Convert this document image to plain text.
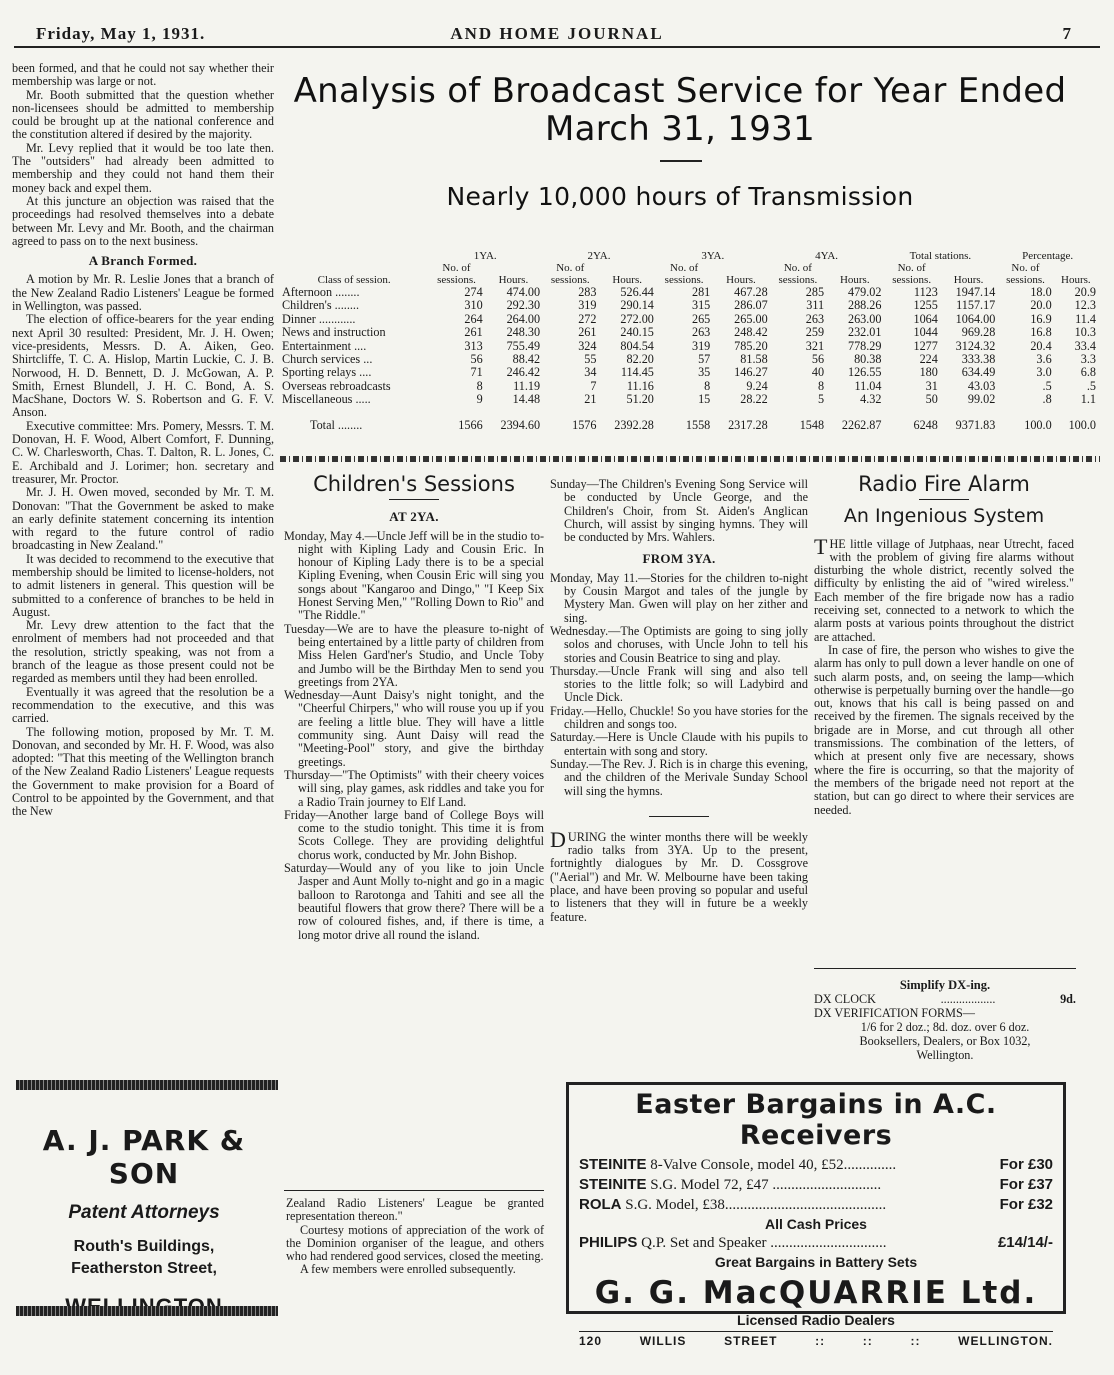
Friday, May 1, 1931.	AND HOME JOURNAL	7

been formed, and that he could not say whether their membership was large or not.

Mr. Booth submitted that the question whether non-licensees should be admitted to membership could be brought up at the national conference and the constitution altered if desired by the majority.

Mr. Levy replied that it would be too late then. The "outsiders" had already been admitted to membership and they could not hand them their money back and expel them.

At this juncture an objection was raised that the proceedings had resolved themselves into a debate between Mr. Levy and Mr. Booth, and the chairman agreed to pass on to the next business.

A Branch Formed.

A motion by Mr. R. Leslie Jones that a branch of the New Zealand Radio Listeners' League be formed in Wellington, was passed.

The election of office-bearers for the year ending next April 30 resulted: President, Mr. J. H. Owen; vice-presidents, Messrs. D. A. Aiken, Geo. Shirtcliffe, T. C. A. Hislop, Martin Luckie, C. J. B. Norwood, H. D. Bennett, D. J. McGowan, A. P. Smith, Ernest Blundell, J. H. C. Bond, A. S. MacShane, Doctors W. S. Robertson and G. F. V. Anson.

Executive committee: Mrs. Pomery, Messrs. T. M. Donovan, H. F. Wood, Albert Comfort, F. Dunning, C. W. Charlesworth, Chas. T. Dalton, R. L. Jones, C. E. Archibald and J. Lorimer; hon. secretary and treasurer, Mr. Proctor.

Mr. J. H. Owen moved, seconded by Mr. T. M. Donovan: "That the Government be asked to make an early definite statement concerning its intention with regard to the future control of radio broadcasting in New Zealand."

It was decided to recommend to the executive that membership should be limited to license-holders, not to admit listeners in general. This question will be submitted to a conference of branches to be held in August.

Mr. Levy drew attention to the fact that the enrolment of members had not proceeded and that the resolution, strictly speaking, was not from a branch of the league as those present could not be regarded as members until they had been enrolled.

Eventually it was agreed that the resolution be a recommendation to the executive, and this was carried.

The following motion, proposed by Mr. T. M. Donovan, and seconded by Mr. H. F. Wood, was also adopted: "That this meeting of the Wellington branch of the New Zealand Radio Listeners' League requests the Government to make provision for a Board of Control to be appointed by the Government, and that the New

Analysis of Broadcast Service for Year Ended March 31, 1931
Nearly 10,000 hours of Transmission
	1YA.		2YA.		3YA.		4YA.		Total stations.		Percentage.	
	No. of		No. of		No. of		No. of		No. of		No. of	
Class of session.	sessions.	Hours.	sessions.	Hours.	sessions.	Hours.	sessions.	Hours.	sessions.	Hours.	sessions.	Hours.
Afternoon ........	274	474.00	283	526.44	281	467.28	285	479.02	1123	1947.14	18.0	20.9
Children's ........	310	292.30	319	290.14	315	286.07	311	288.26	1255	1157.17	20.0	12.3
Dinner ............	264	264.00	272	272.00	265	265.00	263	263.00	1064	1064.00	16.9	11.4
News and instruction	261	248.30	261	240.15	263	248.42	259	232.01	1044	969.28	16.8	10.3
Entertainment ....	313	755.49	324	804.54	319	785.20	321	778.29	1277	3124.32	20.4	33.4
Church services ...	56	88.42	55	82.20	57	81.58	56	80.38	224	333.38	3.6	3.3
Sporting relays ....	71	246.42	34	114.45	35	146.27	40	126.55	180	634.49	3.0	6.8
Overseas rebroadcasts	8	11.19	7	11.16	8	9.24	8	11.04	31	43.03	.5	.5
Miscellaneous .....	9	14.48	21	51.20	15	28.22	5	4.32	50	99.02	.8	1.1
Total ........	1566	2394.60	1576	2392.28	1558	2317.28	1548	2262.87	6248	9371.83	100.0	100.0
Children's Sessions
AT 2YA.

Monday, May 4.—Uncle Jeff will be in the studio to-night with Kipling Lady and Cousin Eric. In honour of Kipling Lady there is to be a special Kipling Evening, when Cousin Eric will sing you songs about "Kangaroo and Dingo," "I Keep Six Honest Serving Men," "Rolling Down to Rio" and "The Riddle."

Tuesday—We are to have the pleasure to-night of being entertained by a little party of children from Miss Helen Gard'ner's Studio, and Uncle Toby and Jumbo will be the Birthday Men to send you greetings from 2YA.

Wednesday—Aunt Daisy's night tonight, and the "Cheerful Chirpers," who will rouse you up if you are feeling a little blue. They will have a little community sing. Aunt Daisy will read the "Meeting-Pool" story, and give the birthday greetings.

Thursday—"The Optimists" with their cheery voices will sing, play games, ask riddles and take you for a Radio Train journey to Elf Land.

Friday—Another large band of College Boys will come to the studio tonight. This time it is from Scots College. They are providing delightful chorus work, conducted by Mr. John Bishop.

Saturday—Would any of you like to join Uncle Jasper and Aunt Molly to-night and go in a magic balloon to Rarotonga and Tahiti and see all the beautiful flowers that grow there? There will be a row of coloured fishes, and, if there is time, a long motor drive all round the island.

Zealand Radio Listeners' League be granted representation thereon."

Courtesy motions of appreciation of the work of the Dominion organiser of the league, and others who had rendered good services, closed the meeting.

A few members were enrolled subsequently.

Sunday—The Children's Evening Song Service will be conducted by Uncle George, and the Children's Choir, from St. Aiden's Anglican Church, will assist by singing hymns. They will be conducted by Mrs. Wahlers.

FROM 3YA.

Monday, May 11.—Stories for the children to-night by Cousin Margot and tales of the jungle by Mystery Man. Gwen will play on her zither and sing.

Wednesday.—The Optimists are going to sing jolly solos and choruses, with Uncle John to tell his stories and Cousin Beatrice to sing and play.

Thursday.—Uncle Frank will sing and also tell stories to the little folk; so will Ladybird and Uncle Dick.

Friday.—Hello, Chuckle! So you have stories for the children and songs too.

Saturday.—Here is Uncle Claude with his pupils to entertain with song and story.

Sunday.—The Rev. J. Rich is in charge this evening, and the children of the Merivale Sunday School will sing the hymns.

DURING the winter months there will be weekly radio talks from 3YA. Up to the present, fortnightly dialogues by Mr. D. Cossgrove ("Aerial") and Mr. W. Melbourne have been taking place, and have been proving so popular and useful to listeners that they will in future be a weekly feature.

Radio Fire Alarm
An Ingenious System

THE little village of Jutphaas, near Utrecht, faced with the problem of giving fire alarms without disturbing the whole district, recently solved the difficulty by enlisting the aid of "wired wireless." Each member of the fire brigade now has a radio receiving set, connected to a network to which the alarm posts at various points throughout the district are attached.

In case of fire, the person who wishes to give the alarm has only to pull down a lever handle on one of such alarm posts, and, on seeing the lamp—which otherwise is perpetually burning over the handle—go out, knows that his call is being passed on and received by the firemen. The signals received by the brigade are in Morse, and cut through all other transmissions. The combination of the letters, of which at present only five are necessary, shows where the fire is occurring, so that the majority of the members of the brigade need not report at the station, but can go direct to where their services are needed.

Simplify DX-ing.
DX CLOCK	..................	9d.
DX VERIFICATION FORMS—
1/6 for 2 doz.; 8d. doz. over 6 doz.
Booksellers, Dealers, or Box 1032,
Wellington.
A. J. PARK & SON
Patent Attorneys
Routh's Buildings,
Featherston Street,
Easter Bargains in A.C. Receivers
STEINITE 8-Valve Console, model 40, £52..............	For £30
STEINITE S.G. Model 72, £47 .............................	For £37
ROLA S.G. Model, £38...........................................	For £32
All Cash Prices
PHILIPS Q.P. Set and Speaker ...............................	£14/14/-
Great Bargains in Battery Sets
G. G. MacQUARRIE Ltd.
Licensed Radio Dealers
120	WILLIS	STREET	::	::	::	WELLINGTON.
